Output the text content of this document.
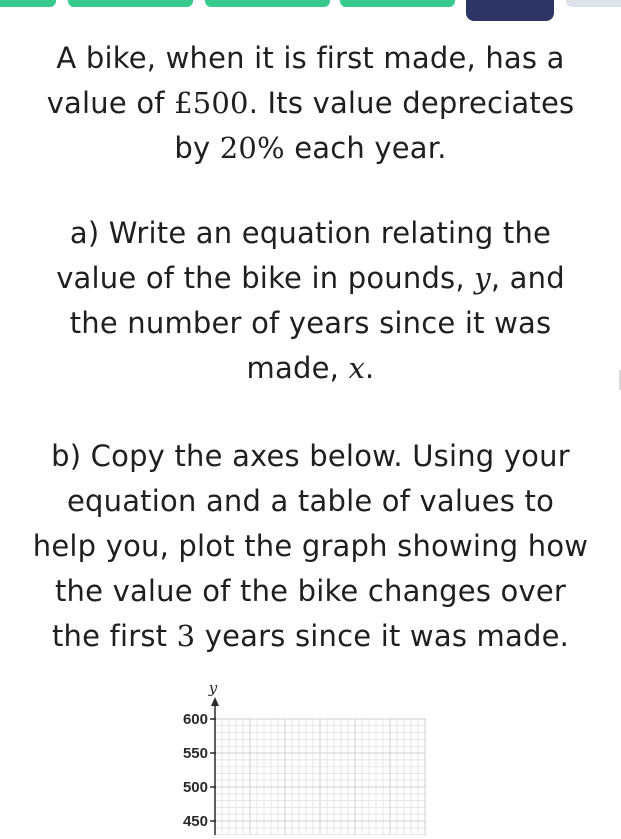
A bike, when it is first made, has a
value of £500. Its value depreciates
by 20% each year.
a) Write an equation relating the
value of the bike in pounds, y, and
the number of years since it was
made, x.
b) Copy the axes below. Using your
equation and a table of values to
help you, plot the graph showing how
the value of the bike changes over
the first 3 years since it was made.
y
600
550
500
450
